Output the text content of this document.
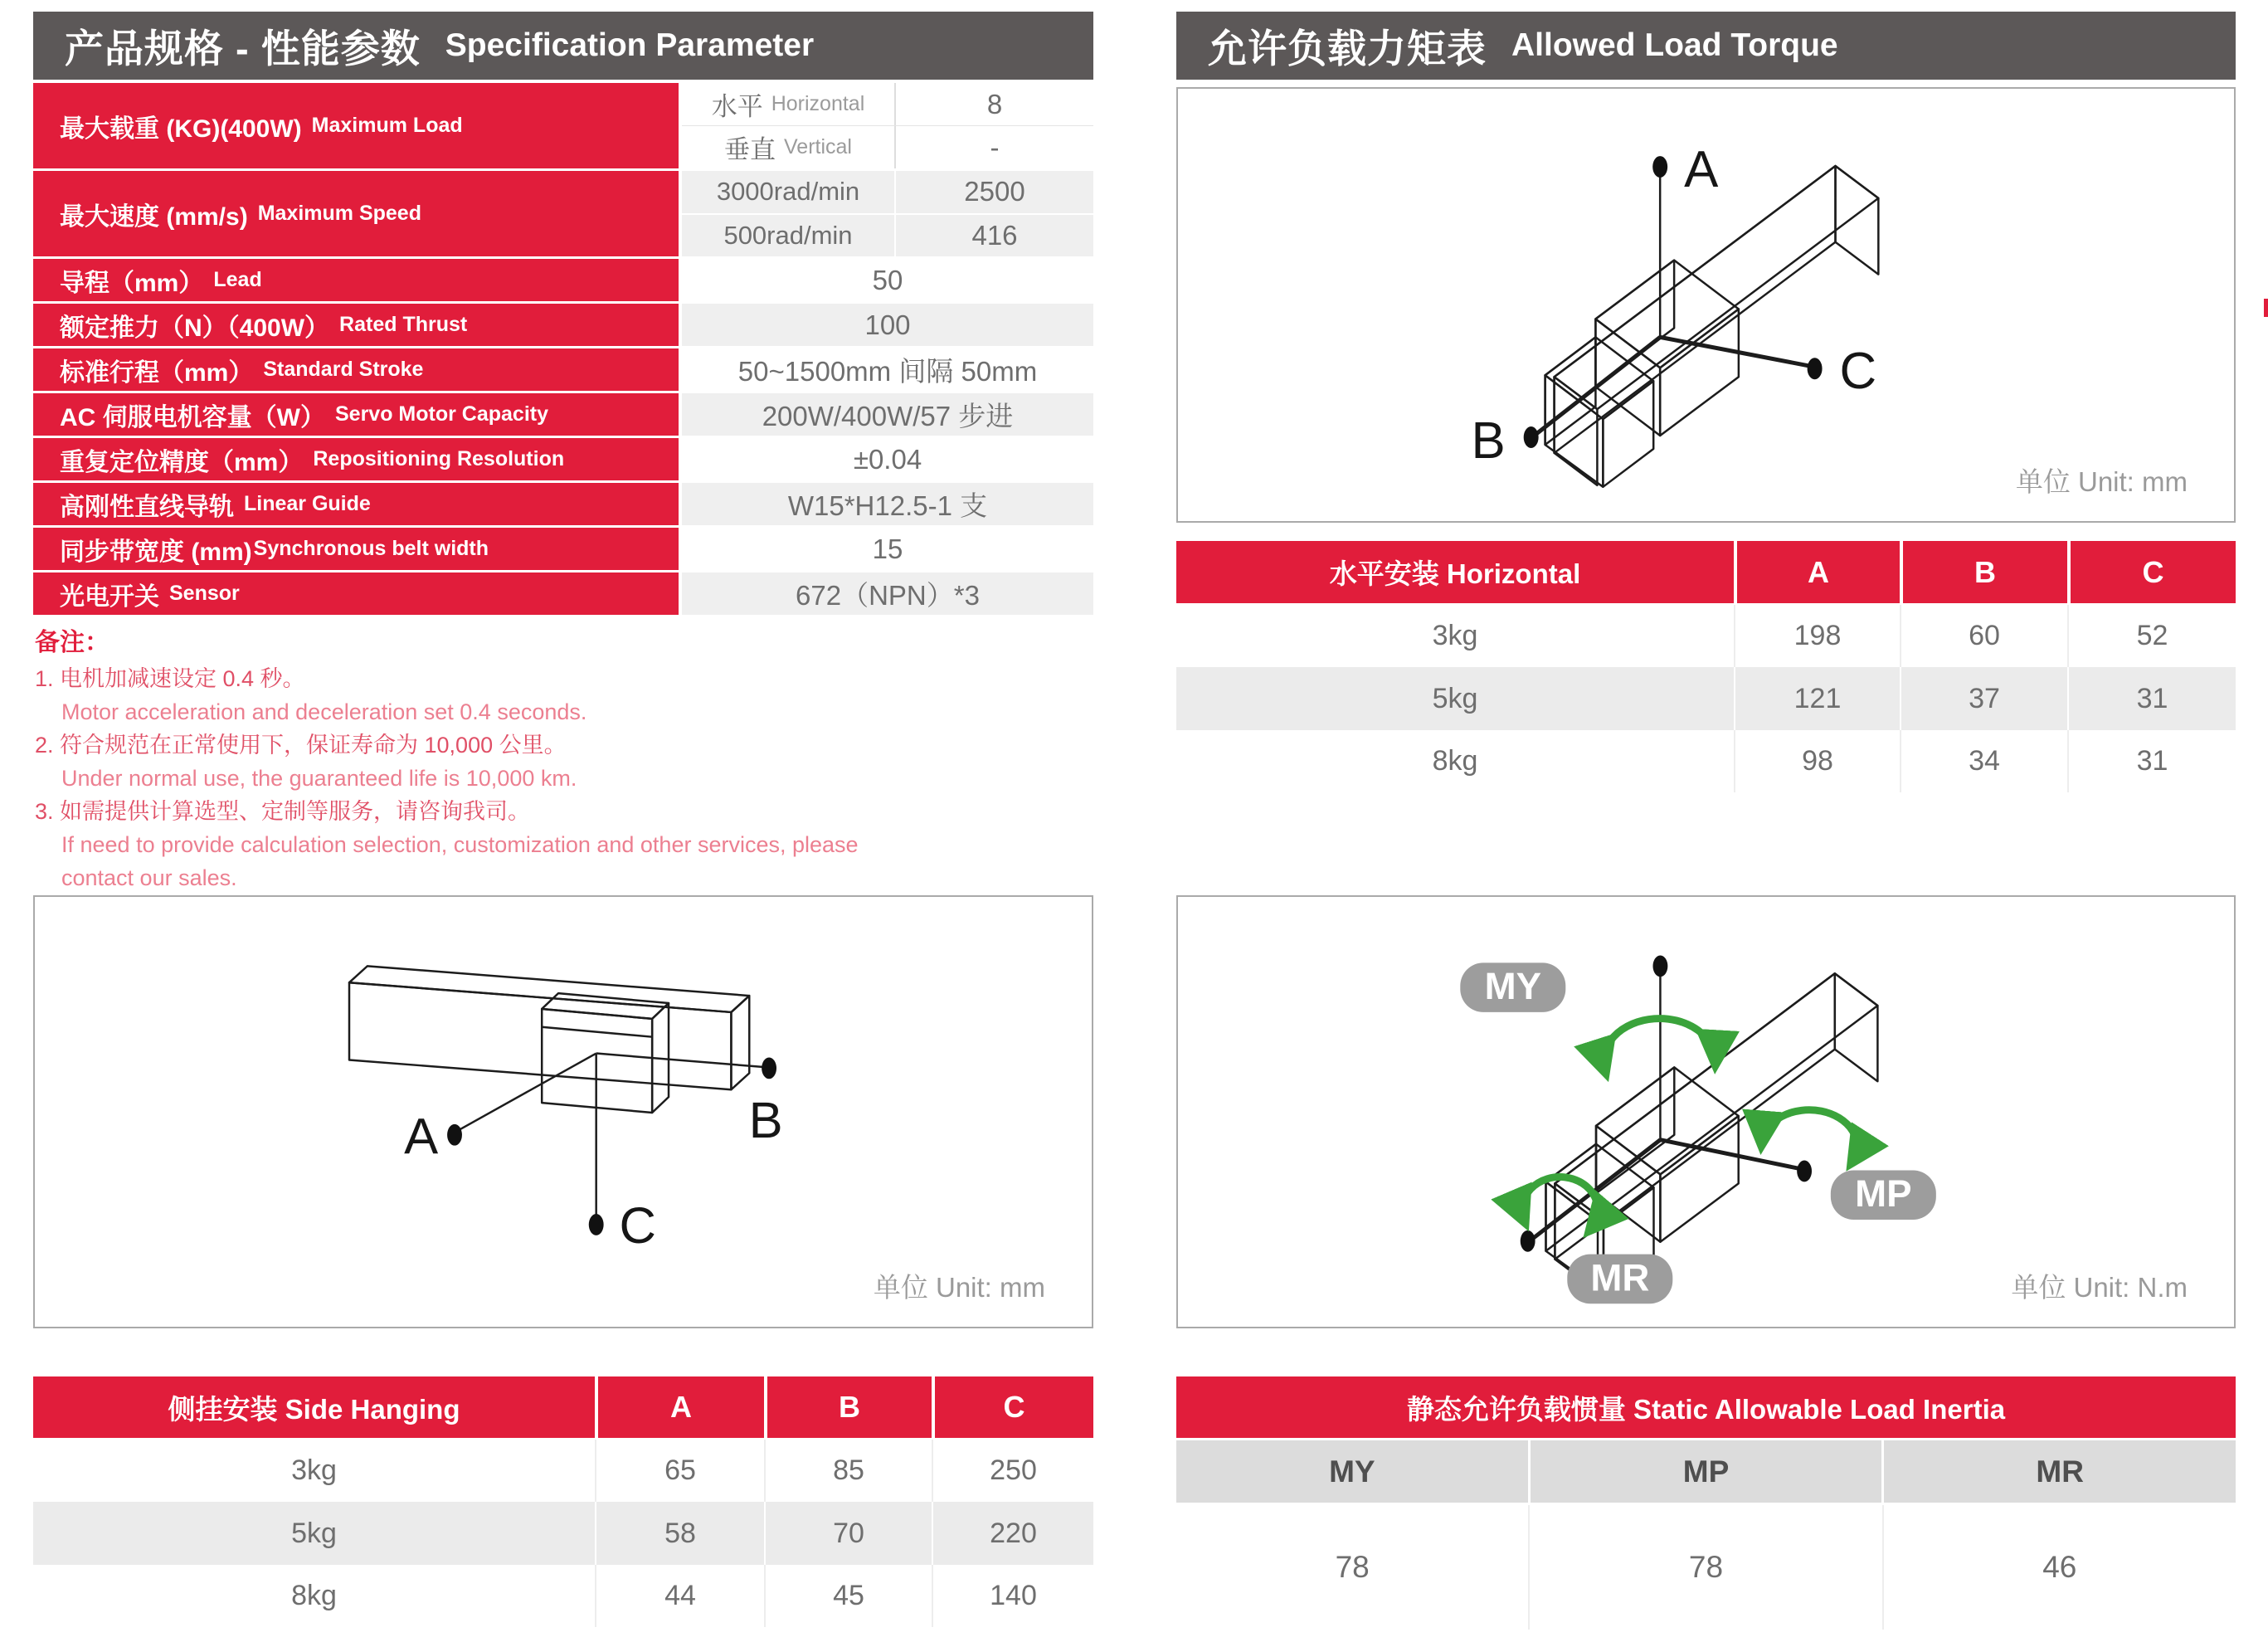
产品规格 - 性能参数 Specification Parameter
最大载重 (KG)(400W) Maximum Load
水平 Horizontal	8
垂直 Vertical	-
最大速度 (mm/s) Maximum Speed
3000rad/min	2500
500rad/min	416
导程（mm） Lead	50
额定推力（N）（400W） Rated Thrust	100
标准行程（mm） Standard Stroke	50~1500mm 间隔 50mm
AC 伺服电机容量（W） Servo Motor Capacity	200W/400W/57 步进
重复定位精度（mm） Repositioning Resolution	±0.04
高刚性直线导轨 Linear Guide	W15*H12.5-1 支
同步带宽度 (mm) Synchronous belt width	15
光电开关 Sensor	672（NPN）*3
备注：
1. 电机加减速设定 0.4 秒。
Motor acceleration and deceleration set 0.4 seconds.
2. 符合规范在正常使用下，保证寿命为 10,000 公里。
Under normal use, the guaranteed life is 10,000 km.
3. 如需提供计算选型、定制等服务，请咨询我司。
If need to provide calculation selection, customization and other services, please contact our sales.
A	B
C
单位 Unit: mm
侧挂安装 Side Hanging	A	B	C
3kg	65	85	250
5kg	58	70	220
8kg	44	45	140
允许负载力矩表 Allowed Load Torque
A
B
C
单位 Unit: mm
水平安装 Horizontal	A	B	C
3kg	198	60	52
5kg	121	37	31
8kg	98	34	31
MY
MP
MR	单位 Unit: N.m
静态允许负载惯量 Static Allowable Load Inertia
MY	MP	MR
78	78	46
